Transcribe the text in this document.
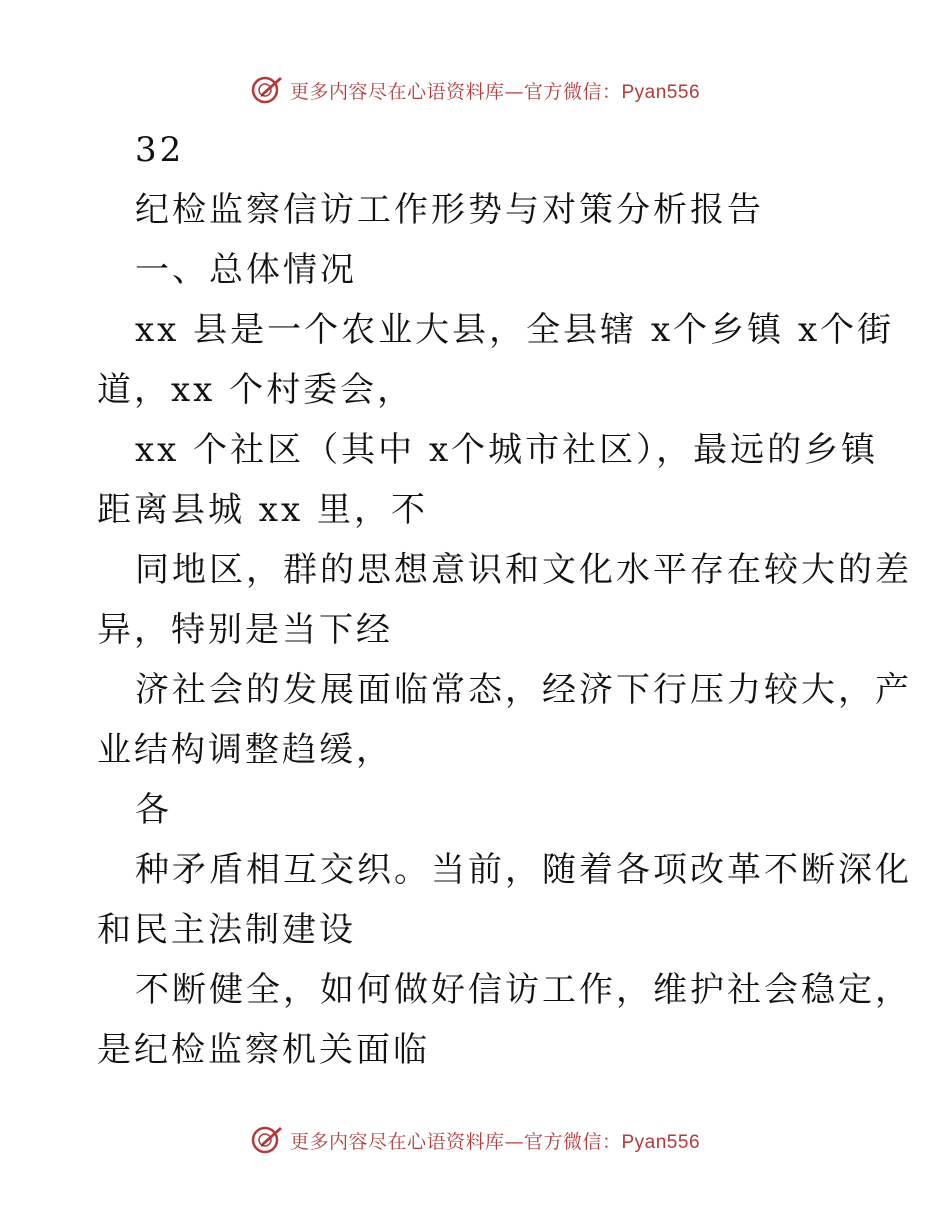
更多内容尽在心语资料库—官方微信：Pyan556
32
纪检监察信访工作形势与对策分析报告
一、总体情况
xx 县是一个农业大县，全县辖 x个乡镇 x个街
道，xx 个村委会，
xx 个社区（其中 x个城市社区），最远的乡镇
距离县城 xx 里，不
同地区，群的思想意识和文化水平存在较大的差
异，特别是当下经
济社会的发展面临常态，经济下行压力较大，产
业结构调整趋缓，
各
种矛盾相互交织。当前，随着各项改革不断深化
和民主法制建设
不断健全，如何做好信访工作，维护社会稳定，
是纪检监察机关面临
更多内容尽在心语资料库—官方微信：Pyan556
